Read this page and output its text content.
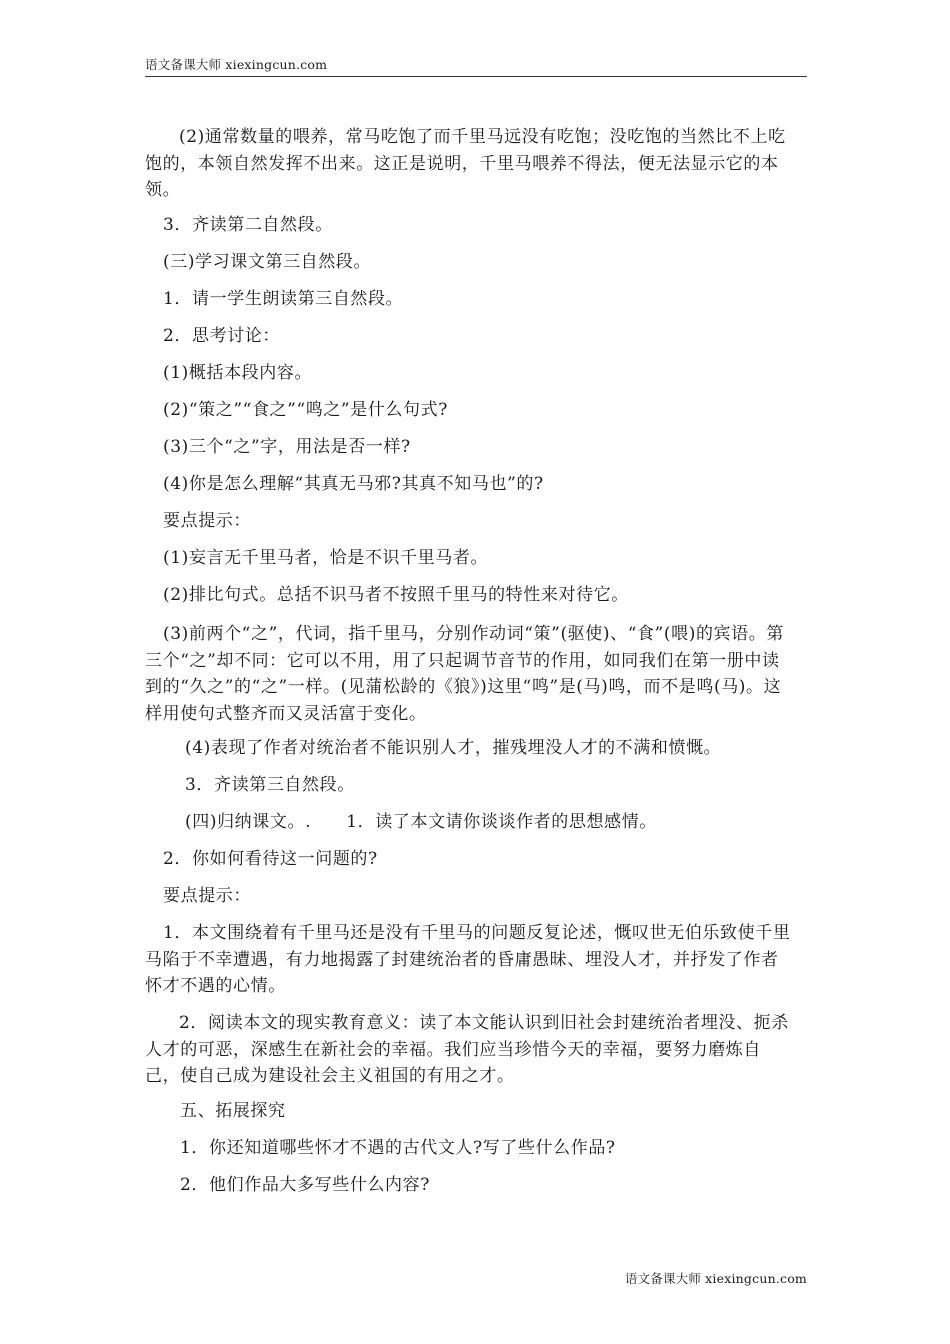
语文备课大师 xiexingcun.com
(2)通常数量的喂养，常马吃饱了而千里马远没有吃饱；没吃饱的当然比不上吃饱的，本领自然发挥不出来。这正是说明，千里马喂养不得法，便无法显示它的本领。
3．齐读第二自然段。
(三)学习课文第三自然段。
1．请一学生朗读第三自然段。
2．思考讨论：
(1)概括本段内容。
(2)“策之”“食之”“鸣之”是什么句式?
(3)三个“之”字，用法是否一样?
(4)你是怎么理解“其真无马邪?其真不知马也”的?
要点提示：
(1)妄言无千里马者，恰是不识千里马者。
(2)排比句式。总括不识马者不按照千里马的特性来对待它。
(3)前两个“之”，代词，指千里马，分别作动词“策”(驱使)、“食”(喂)的宾语。第三个“之”却不同：它可以不用，用了只起调节音节的作用，如同我们在第一册中读到的“久之”的“之”一样。(见蒲松龄的《狼》)这里“鸣”是(马)鸣，而不是鸣(马)。这样用使句式整齐而又灵活富于变化。
(4)表现了作者对统治者不能识别人才，摧残埋没人才的不满和愤慨。
3．齐读第三自然段。
(四)归纳课文。.　　1．读了本文请你谈谈作者的思想感情。
2．你如何看待这一问题的?
要点提示：
1．本文围绕着有千里马还是没有千里马的问题反复论述，慨叹世无伯乐致使千里马陷于不幸遭遇，有力地揭露了封建统治者的昏庸愚昧、埋没人才，并抒发了作者怀才不遇的心情。
2．阅读本文的现实教育意义：读了本文能认识到旧社会封建统治者埋没、扼杀人才的可恶，深感生在新社会的幸福。我们应当珍惜今天的幸福，要努力磨炼自己，使自己成为建设社会主义祖国的有用之才。
五、拓展探究
1．你还知道哪些怀才不遇的古代文人?写了些什么作品?
2．他们作品大多写些什么内容?
语文备课大师 xiexingcun.com
